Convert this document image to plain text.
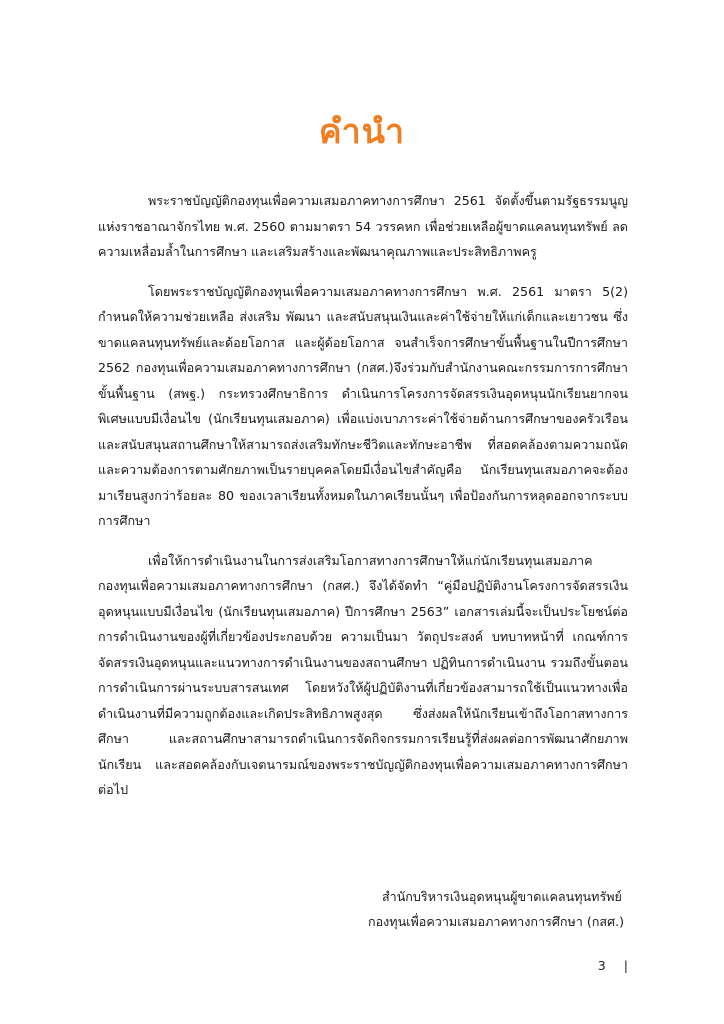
คำนำ

พระราชบัญญัติกองทุนเพื่อความเสมอภาคทางการศึกษา 2561 จัดตั้งขึ้นตามรัฐธรรมนูญแห่งราชอาณาจักรไทย พ.ศ. 2560 ตามมาตรา 54 วรรคหก เพื่อช่วยเหลือผู้ขาดแคลนทุนทรัพย์ ลดความเหลื่อมล้ำในการศึกษา และเสริมสร้างและพัฒนาคุณภาพและประสิทธิภาพครู

โดยพระราชบัญญัติกองทุนเพื่อความเสมอภาคทางการศึกษา พ.ศ. 2561 มาตรา 5(2) กำหนดให้ความช่วยเหลือ ส่งเสริม พัฒนา และสนับสนุนเงินและค่าใช้จ่ายให้แก่เด็กและเยาวชน ซึ่งขาดแคลนทุนทรัพย์และด้อยโอกาส และผู้ด้อยโอกาส จนสำเร็จการศึกษาขั้นพื้นฐานในปีการศึกษา 2562 กองทุนเพื่อความเสมอภาคทางการศึกษา (กสศ.)จึงร่วมกับสำนักงานคณะกรรมการการศึกษาขั้นพื้นฐาน (สพฐ.) กระทรวงศึกษาธิการ ดำเนินการโครงการจัดสรรเงินอุดหนุนนักเรียนยากจนพิเศษแบบมีเงื่อนไข (นักเรียนทุนเสมอภาค) เพื่อแบ่งเบาภาระค่าใช้จ่ายด้านการศึกษาของครัวเรือนและสนับสนุนสถานศึกษาให้สามารถส่งเสริมทักษะชีวิตและทักษะอาชีพ ที่สอดคล้องตามความถนัดและความต้องการตามศักยภาพเป็นรายบุคคลโดยมีเงื่อนไขสำคัญคือ นักเรียนทุนเสมอภาคจะต้องมาเรียนสูงกว่าร้อยละ 80 ของเวลาเรียนทั้งหมดในภาคเรียนนั้นๆ เพื่อป้องกันการหลุดออกจากระบบการศึกษา

เพื่อให้การดำเนินงานในการส่งเสริมโอกาสทางการศึกษาให้แก่นักเรียนทุนเสมอภาค กองทุนเพื่อความเสมอภาคทางการศึกษา (กสศ.) จึงได้จัดทำ “คู่มือปฏิบัติงานโครงการจัดสรรเงินอุดหนุนแบบมีเงื่อนไข (นักเรียนทุนเสมอภาค) ปีการศึกษา 2563” เอกสารเล่มนี้จะเป็นประโยชน์ต่อการดำเนินงานของผู้ที่เกี่ยวข้องประกอบด้วย ความเป็นมา วัตถุประสงค์ บทบาทหน้าที่ เกณฑ์การจัดสรรเงินอุดหนุนและแนวทางการดำเนินงานของสถานศึกษา ปฏิทินการดำเนินงาน รวมถึงขั้นตอนการดำเนินการผ่านระบบสารสนเทศ โดยหวังให้ผู้ปฏิบัติงานที่เกี่ยวข้องสามารถใช้เป็นแนวทางเพื่อดำเนินงานที่มีความถูกต้องและเกิดประสิทธิภาพสูงสุด ซึ่งส่งผลให้นักเรียนเข้าถึงโอกาสทางการศึกษา และสถานศึกษาสามารถดำเนินการจัดกิจกรรมการเรียนรู้ที่ส่งผลต่อการพัฒนาศักยภาพนักเรียน และสอดคล้องกับเจตนารมณ์ของพระราชบัญญัติกองทุนเพื่อความเสมอภาคทางการศึกษาต่อไป

สำนักบริหารเงินอุดหนุนผู้ขาดแคลนทุนทรัพย์
กองทุนเพื่อความเสมอภาคทางการศึกษา (กสศ.)
3 |
